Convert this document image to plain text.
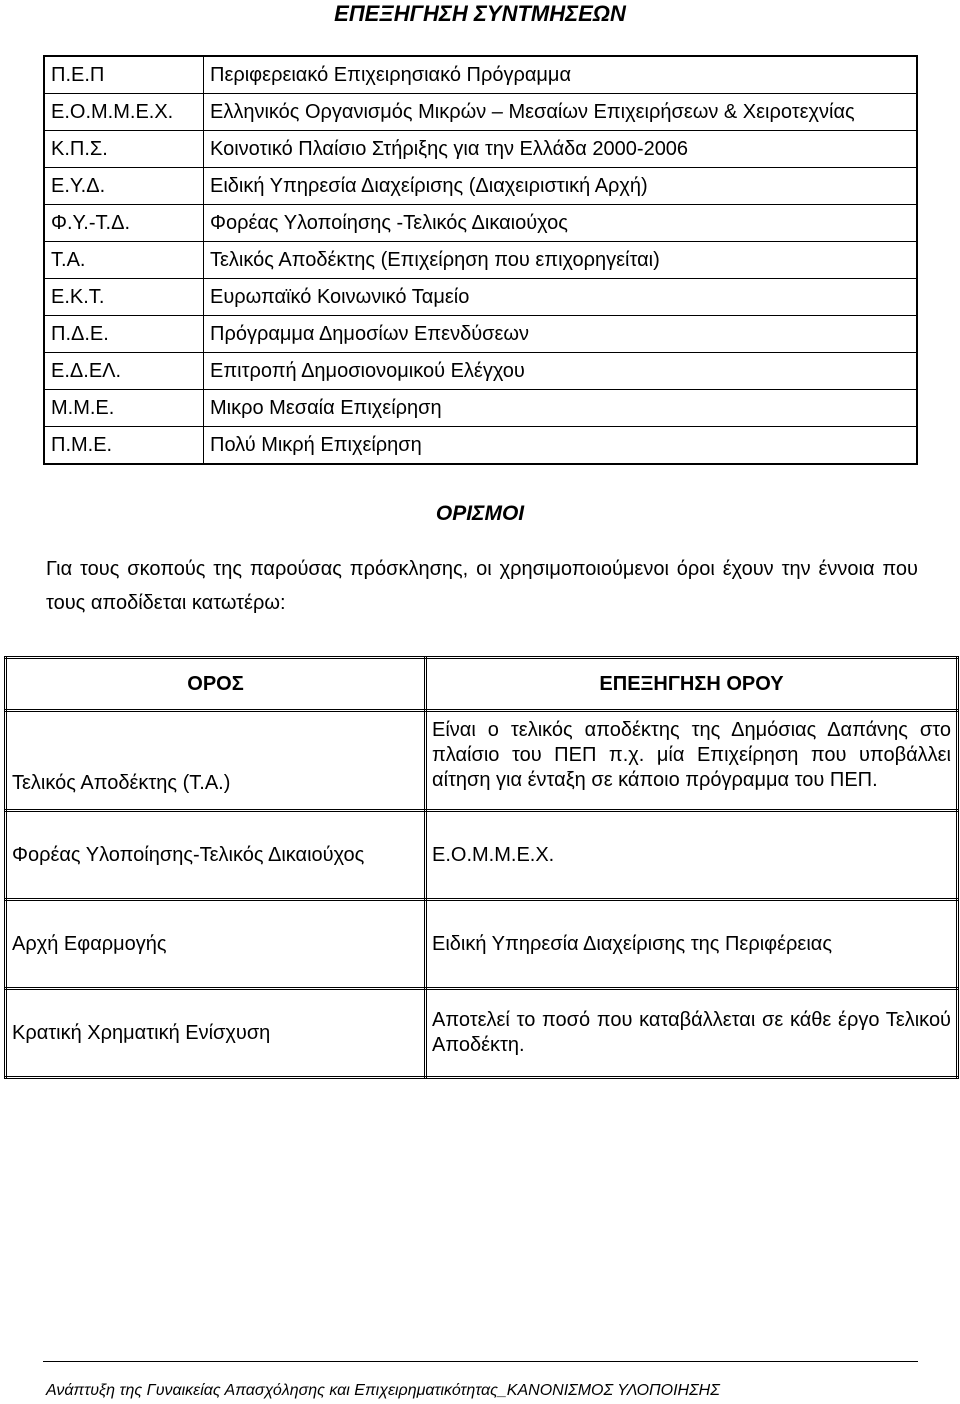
ΕΠΕΞΗΓΗΣΗ ΣΥΝΤΜΗΣΕΩΝ
Π.Ε.Π	Περιφερειακό Επιχειρησιακό Πρόγραμμα
Ε.Ο.Μ.Μ.Ε.Χ.	Ελληνικός Οργανισμός Μικρών – Μεσαίων Επιχειρήσεων & Χειροτεχνίας
Κ.Π.Σ.	Κοινοτικό Πλαίσιο Στήριξης για την Ελλάδα 2000-2006
Ε.Υ.Δ.	Ειδική Υπηρεσία Διαχείρισης (Διαχειριστική Αρχή)
Φ.Υ.-Τ.Δ.	Φορέας Υλοποίησης -Τελικός Δικαιούχος
Τ.Α.	Τελικός Αποδέκτης (Επιχείρηση που επιχορηγείται)
Ε.Κ.Τ.	Ευρωπαϊκό Κοινωνικό Ταμείο
Π.Δ.Ε.	Πρόγραμμα Δημοσίων Επενδύσεων
Ε.Δ.ΕΛ.	Επιτροπή Δημοσιονομικού Ελέγχου
Μ.Μ.Ε.	Μικρο Μεσαία Επιχείρηση
Π.Μ.Ε.	Πολύ Μικρή Επιχείρηση
ΟΡΙΣΜΟΙ

Για τους σκοπούς της παρούσας πρόσκλησης, οι χρησιμοποιούμενοι όροι έχουν την έννοια που τους αποδίδεται κατωτέρω:

ΟΡΟΣ	ΕΠΕΞΗΓΗΣΗ ΟΡΟΥ
Τελικός Αποδέκτης (Τ.Α.)	Είναι ο τελικός αποδέκτης της Δημόσιας Δαπάνης στο πλαίσιο του ΠΕΠ π.χ. μία Επιχείρηση που υποβάλλει αίτηση για ένταξη σε κάποιο πρόγραμμα του ΠΕΠ.
Φορέας Υλοποίησης-Τελικός Δικαιούχος	Ε.Ο.Μ.Μ.Ε.Χ.
Αρχή Εφαρμογής	Ειδική Υπηρεσία Διαχείρισης της Περιφέρειας
Κρατική Χρηματική Ενίσχυση	Αποτελεί το ποσό που καταβάλλεται σε κάθε έργο Τελικού Αποδέκτη.

Ανάπτυξη της Γυναικείας Απασχόλησης και Επιχειρηματικότητας_ΚΑΝΟΝΙΣΜΟΣ ΥΛΟΠΟΙΗΣΗΣ
